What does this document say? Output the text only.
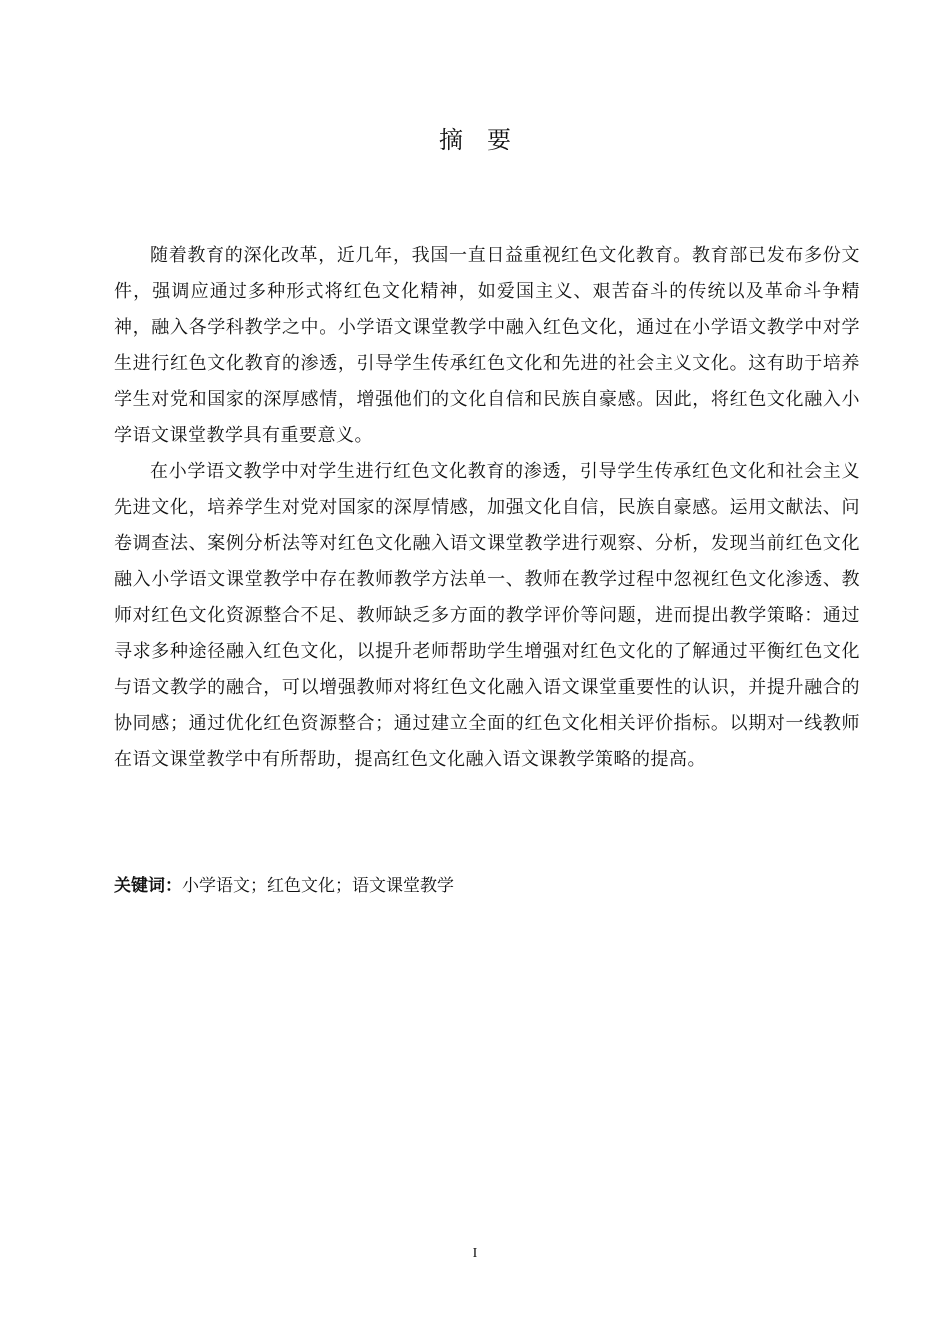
摘　要

随着教育的深化改革，近几年，我国一直日益重视红色文化教育。教育部已发布多份文件，强调应通过多种形式将红色文化精神，如爱国主义、艰苦奋斗的传统以及革命斗争精神，融入各学科教学之中。小学语文课堂教学中融入红色文化，通过在小学语文教学中对学生进行红色文化教育的渗透，引导学生传承红色文化和先进的社会主义文化。这有助于培养学生对党和国家的深厚感情，增强他们的文化自信和民族自豪感。因此，将红色文化融入小学语文课堂教学具有重要意义。

在小学语文教学中对学生进行红色文化教育的渗透，引导学生传承红色文化和社会主义先进文化，培养学生对党对国家的深厚情感，加强文化自信，民族自豪感。运用文献法、问卷调查法、案例分析法等对红色文化融入语文课堂教学进行观察、分析，发现当前红色文化融入小学语文课堂教学中存在教师教学方法单一、教师在教学过程中忽视红色文化渗透、教师对红色文化资源整合不足、教师缺乏多方面的教学评价等问题，进而提出教学策略：通过寻求多种途径融入红色文化，以提升老师帮助学生增强对红色文化的了解通过平衡红色文化与语文教学的融合，可以增强教师对将红色文化融入语文课堂重要性的认识，并提升融合的协同感；通过优化红色资源整合；通过建立全面的红色文化相关评价指标。以期对一线教师在语文课堂教学中有所帮助，提高红色文化融入语文课教学策略的提高。

关键词：小学语文；红色文化；语文课堂教学
I
